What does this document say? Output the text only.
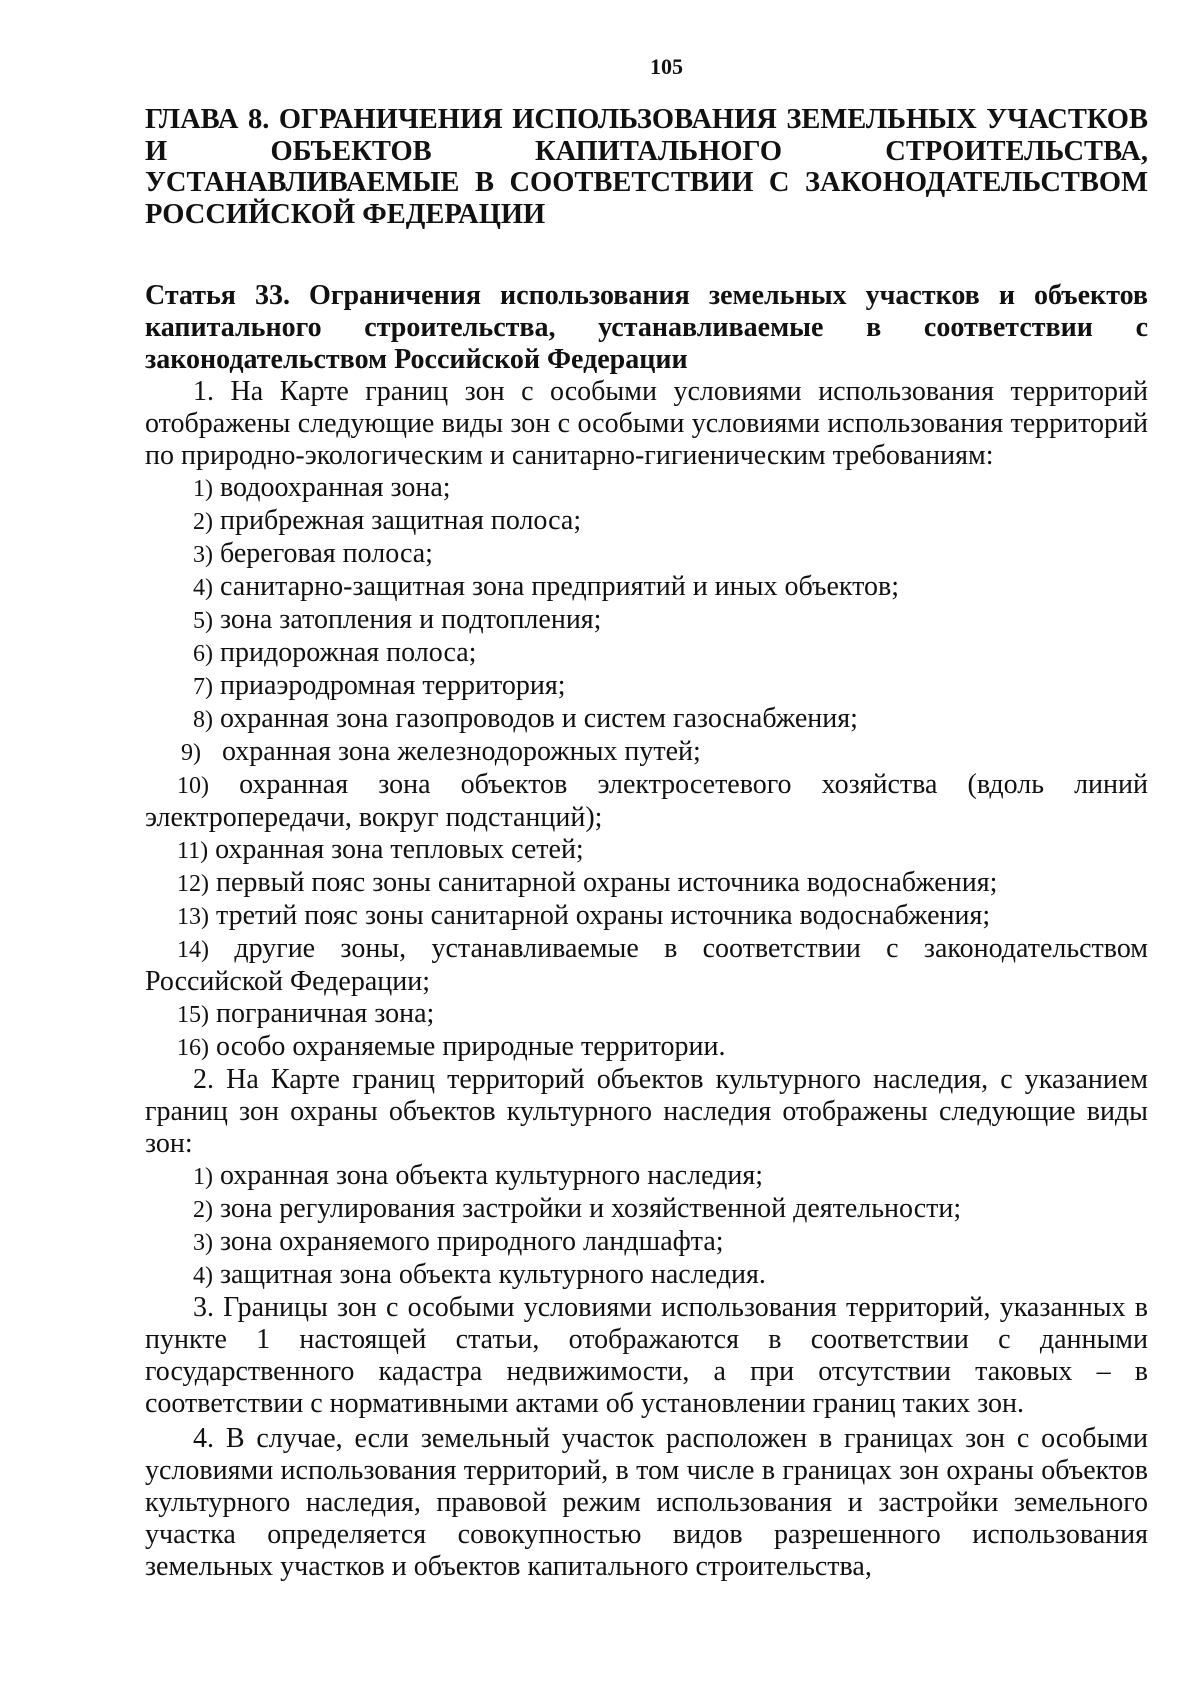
105
ГЛАВА 8. ОГРАНИЧЕНИЯ ИСПОЛЬЗОВАНИЯ ЗЕМЕЛЬНЫХ УЧАСТКОВ И ОБЪЕКТОВ КАПИТАЛЬНОГО СТРОИТЕЛЬСТВА, УСТАНАВЛИВАЕМЫЕ В СООТВЕТСТВИИ С ЗАКОНОДАТЕЛЬСТВОМ РОССИЙСКОЙ ФЕДЕРАЦИИ
Статья 33. Ограничения использования земельных участков и объектов капитального строительства, устанавливаемые в соответствии с законодательством Российской Федерации

1. На Карте границ зон с особыми условиями использования территорий отображены следующие виды зон с особыми условиями использования территорий по природно-экологическим и санитарно-гигиеническим требованиям:

1) водоохранная зона;
2) прибрежная защитная полоса;
3) береговая полоса;
4) санитарно-защитная зона предприятий и иных объектов;
5) зона затопления и подтопления;
6) придорожная полоса;
7) приаэродромная территория;
8) охранная зона газопроводов и систем газоснабжения;
9) охранная зона железнодорожных путей;
10) охранная зона объектов электросетевого хозяйства (вдоль линий электропередачи, вокруг подстанций);
11) охранная зона тепловых сетей;
12) первый пояс зоны санитарной охраны источника водоснабжения;
13) третий пояс зоны санитарной охраны источника водоснабжения;
14) другие зоны, устанавливаемые в соответствии с законодательством Российской Федерации;
15) пограничная зона;
16) особо охраняемые природные территории.

2. На Карте границ территорий объектов культурного наследия, с указанием границ зон охраны объектов культурного наследия отображены следующие виды зон:

1) охранная зона объекта культурного наследия;
2) зона регулирования застройки и хозяйственной деятельности;
3) зона охраняемого природного ландшафта;
4) защитная зона объекта культурного наследия.

3. Границы зон с особыми условиями использования территорий, указанных в пункте 1 настоящей статьи, отображаются в соответствии с данными государственного кадастра недвижимости, а при отсутствии таковых – в соответствии с нормативными актами об установлении границ таких зон.

4. В случае, если земельный участок расположен в границах зон с особыми условиями использования территорий, в том числе в границах зон охраны объектов культурного наследия, правовой режим использования и застройки земельного участка определяется совокупностью видов разрешенного использования земельных участков и объектов капитального строительства,
